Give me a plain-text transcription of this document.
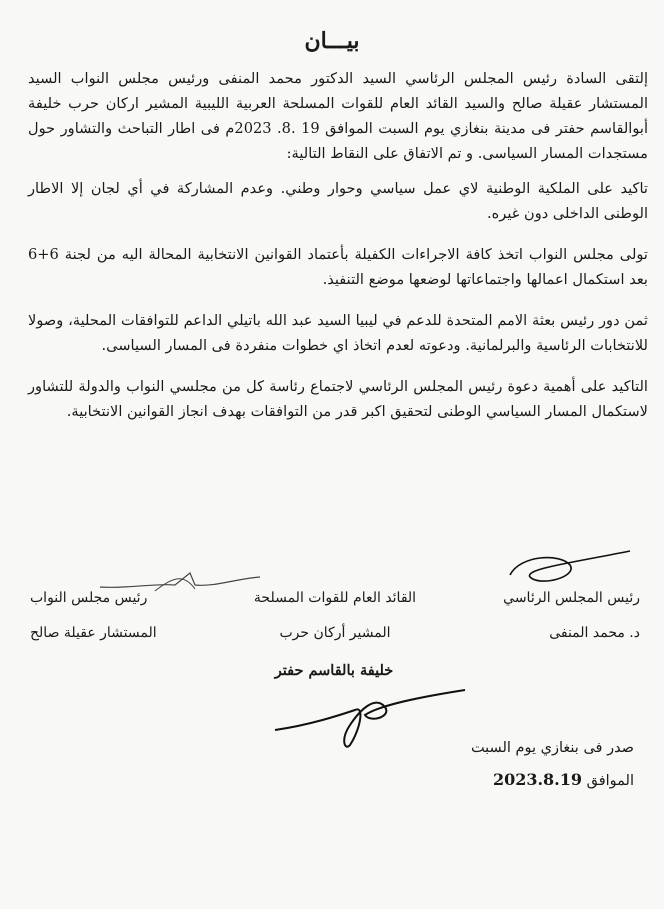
بيـــان

إلتقى السادة رئيس المجلس الرئاسي السيد الدكتور محمد المنفى ورئيس مجلس النواب السيد المستشار عقيلة صالح والسيد القائد العام للقوات المسلحة العربية الليبية المشير اركان حرب خليفة أبوالقاسم حفتر فى مدينة بنغازي يوم السبت الموافق 19 .8. 2023م فى اطار التباحث والتشاور حول مستجدات المسار السياسى. و تم الاتفاق على النقاط التالية:

تاكيد على الملكية الوطنية لاي عمل سياسي وحوار وطني. وعدم المشاركة في أي لجان إلا الاطار الوطنى الداخلى دون غيره.

تولى مجلس النواب اتخذ كافة الاجراءات الكفيلة بأعتماد القوانين الانتخابية المحالة اليه من لجنة 6+6 بعد استكمال اعمالها واجتماعاتها لوضعها موضع التنفيذ.

ثمن دور رئيس بعثة الامم المتحدة للدعم في ليبيا السيد عبد الله باتيلي الداعم للتوافقات المحلية، وصولا للانتخابات الرئاسية والبرلمانية. ودعوته لعدم اتخاذ اي خطوات منفردة فى المسار السياسى.

التاكيد على أهمية دعوة رئيس المجلس الرئاسي لاجتماع رئاسة كل من مجلسي النواب والدولة للتشاور لاستكمال المسار السياسي الوطنى لتحقيق اكبر قدر من التوافقات بهدف انجاز القوانين الانتخابية.

رئيس المجلس الرئاسي
القائد العام للقوات المسلحة
رئيس مجلس النواب
د. محمد المنفى
المشير أركان حرب
المستشار عقيلة صالح
خليفة بالقاسم حفتر
صدر فى بنغازي يوم السبت
الموافق 2023.8.19
